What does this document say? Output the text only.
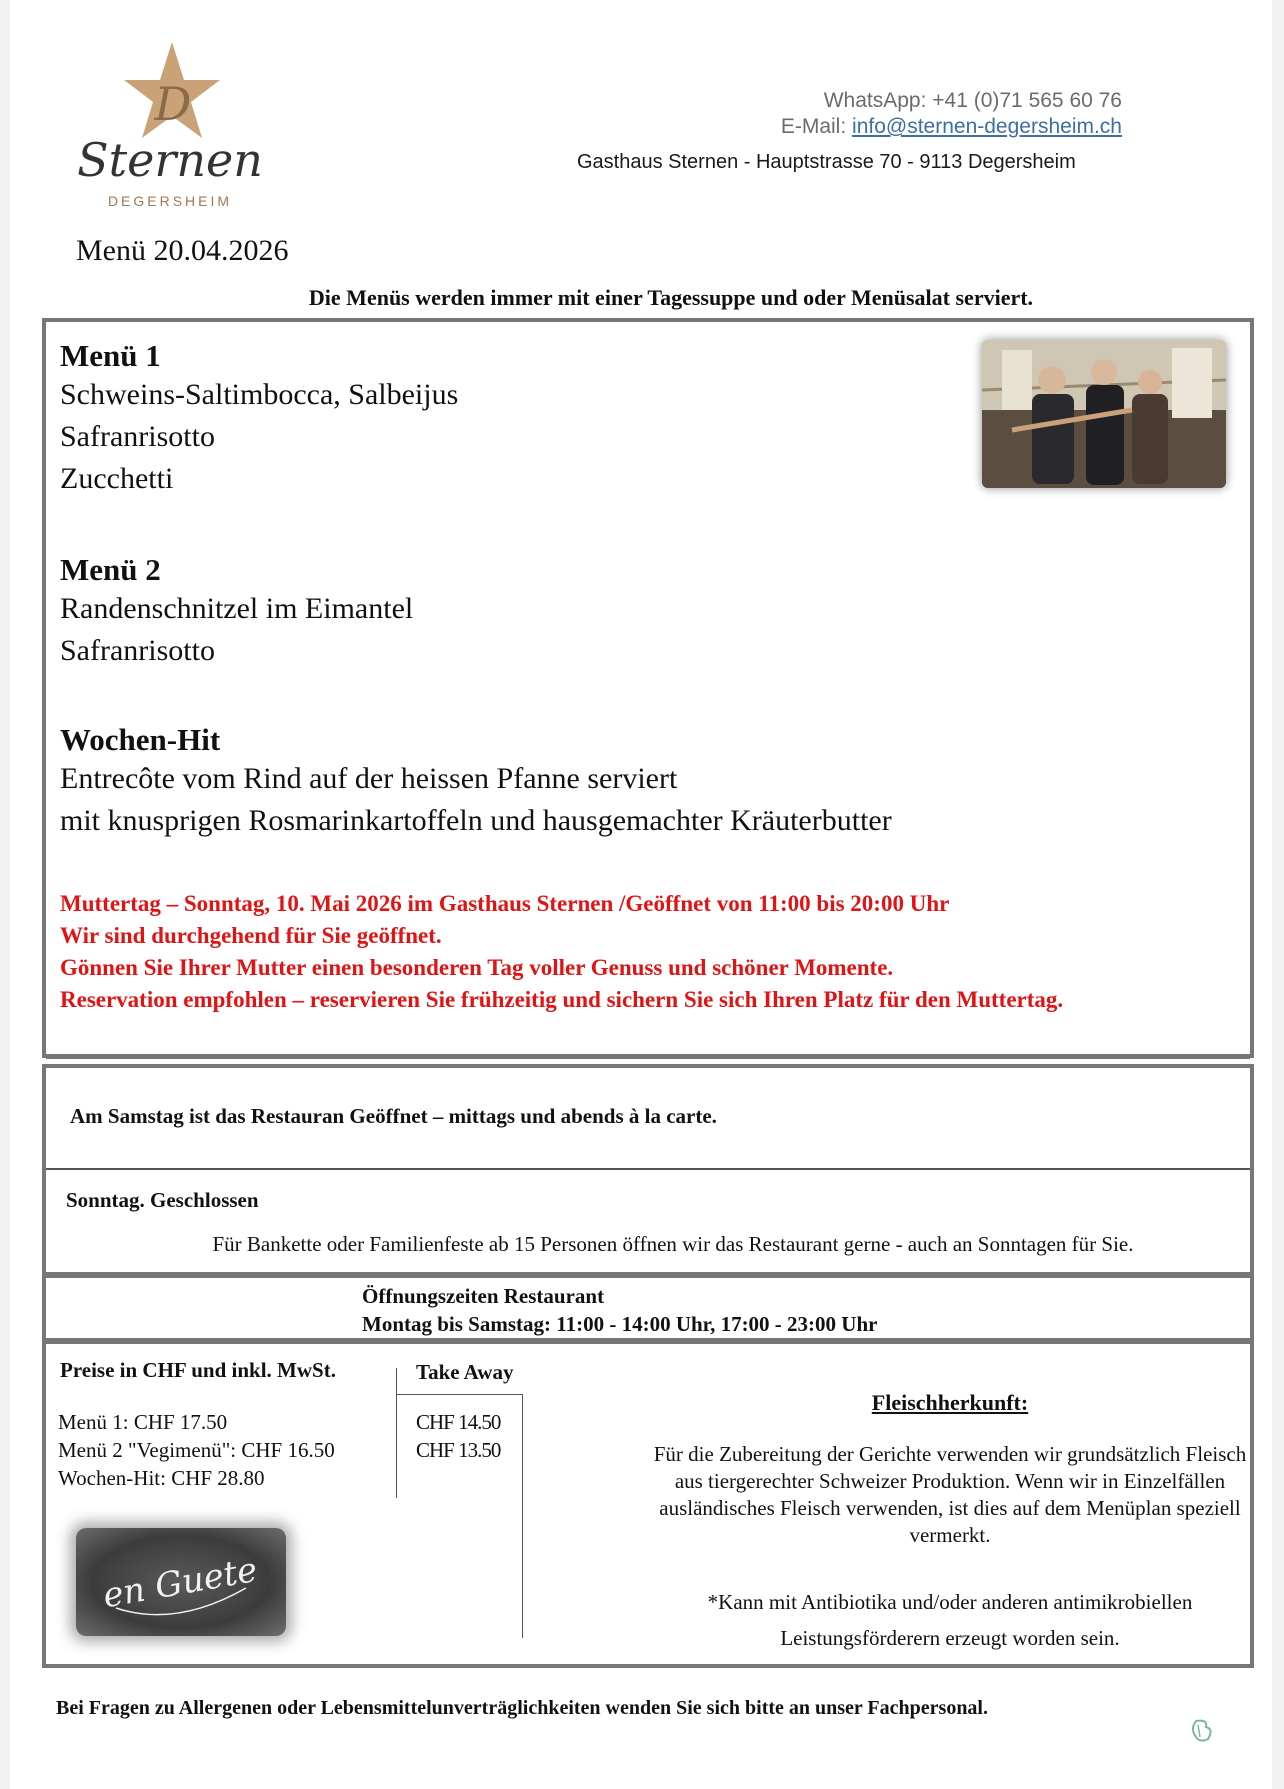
D
Sternen
DEGERSHEIM
WhatsApp: +41 (0)71 565 60 76
E-Mail: info@sternen-degersheim.ch
Gasthaus Sternen - Hauptstrasse 70 - 9113 Degersheim
Menü 20.04.2026
Die Menüs werden immer mit einer Tagessuppe und oder Menüsalat serviert.
Menü 1
Schweins-Saltimbocca, Salbeijus
Safranrisotto
Zucchetti
Menü 2
Randenschnitzel im Eimantel
Safranrisotto
Wochen-Hit
Entrecôte vom Rind auf der heissen Pfanne serviert
mit knusprigen Rosmarinkartoffeln und hausgemachter Kräuterbutter
Muttertag – Sonntag, 10. Mai 2026 im Gasthaus Sternen /Geöffnet von 11:00 bis 20:00 Uhr
Wir sind durchgehend für Sie geöffnet.
Gönnen Sie Ihrer Mutter einen besonderen Tag voller Genuss und schöner Momente.
Reservation empfohlen – reservieren Sie frühzeitig und sichern Sie sich Ihren Platz für den Muttertag.
Am Samstag ist das Restauran Geöffnet – mittags und abends à la carte.
Sonntag. Geschlossen
Für Bankette oder Familienfeste ab 15 Personen öffnen wir das Restaurant gerne - auch an Sonntagen für Sie.
Öffnungszeiten Restaurant
Montag bis Samstag: 11:00 - 14:00 Uhr, 17:00 - 23:00 Uhr
Preise in CHF und inkl. MwSt.	Take Away
Menü 1: CHF 17.50
Menü 2 "Vegimenü": CHF 16.50
Wochen-Hit: CHF 28.80
CHF 14.50
CHF 13.50
en Guete
Fleischherkunft:
Für die Zubereitung der Gerichte verwenden wir grundsätzlich Fleisch aus tiergerechter Schweizer Produktion. Wenn wir in Einzelfällen ausländisches Fleisch verwenden, ist dies auf dem Menüplan speziell vermerkt.
*Kann mit Antibiotika und/oder anderen antimikrobiellen Leistungsförderern erzeugt worden sein.
Bei Fragen zu Allergenen oder Lebensmittelunverträglichkeiten wenden Sie sich bitte an unser Fachpersonal.
